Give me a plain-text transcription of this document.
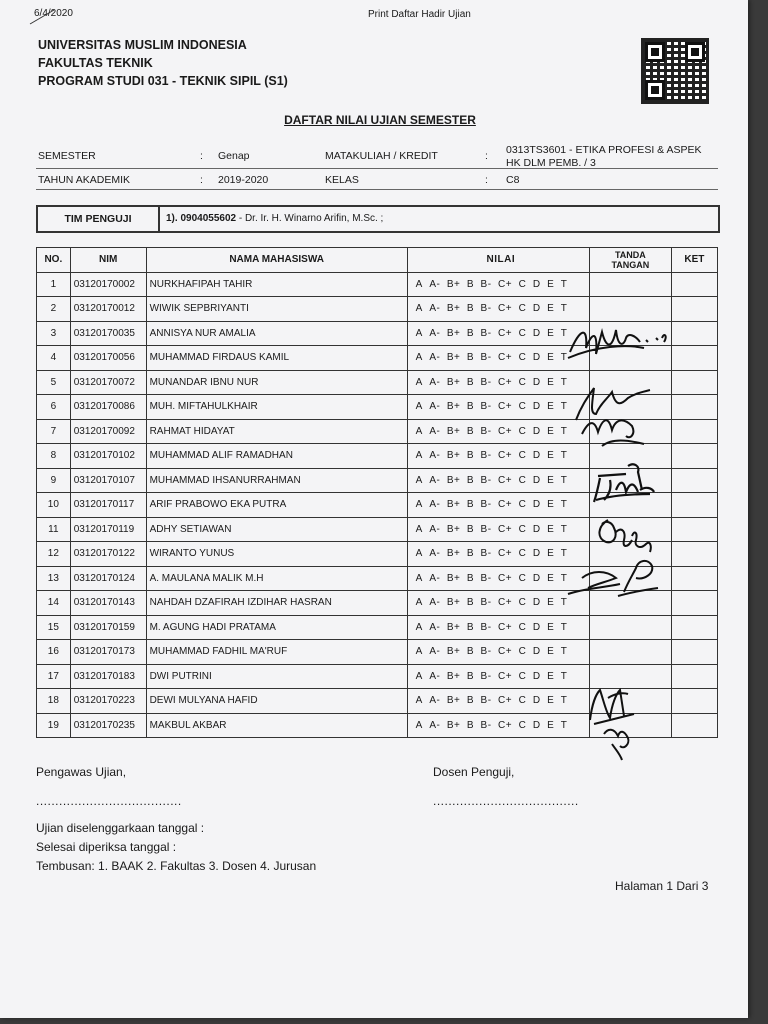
6/4/2020	Print Daftar Hadir Ujian
UNIVERSITAS MUSLIM INDONESIA
FAKULTAS TEKNIK
PROGRAM STUDI 031 - TEKNIK SIPIL (S1)
DAFTAR NILAI UJIAN SEMESTER
SEMESTER	: Genap	MATAKULIAH / KREDIT	: 0313TS3601 - ETIKA PROFESI & ASPEK
HK DLM PEMB. / 3
TAHUN AKADEMIK	: 2019-2020	KELAS	: C8
TIM PENGUJI	1). 0904055602 - Dr. Ir. H. Winarno Arifin, M.Sc. ;
NO.	NIM	NAMA MAHASISWA	NILAI	TANDA
TANGAN	KET
1	03120170002	NURKHAFIPAH TAHIR	A A- B+ B B- C+ C D E T		
2	03120170012	WIWIK SEPBRIYANTI	A A- B+ B B- C+ C D E T		
3	03120170035	ANNISYA NUR AMALIA	A A- B+ B B- C+ C D E T		
4	03120170056	MUHAMMAD FIRDAUS KAMIL	A A- B+ B B- C+ C D E T		
5	03120170072	MUNANDAR IBNU NUR	A A- B+ B B- C+ C D E T		
6	03120170086	MUH. MIFTAHULKHAIR	A A- B+ B B- C+ C D E T		
7	03120170092	RAHMAT HIDAYAT	A A- B+ B B- C+ C D E T		
8	03120170102	MUHAMMAD ALIF RAMADHAN	A A- B+ B B- C+ C D E T		
9	03120170107	MUHAMMAD IHSANURRAHMAN	A A- B+ B B- C+ C D E T		
10	03120170117	ARIF PRABOWO EKA PUTRA	A A- B+ B B- C+ C D E T		
11	03120170119	ADHY SETIAWAN	A A- B+ B B- C+ C D E T		
12	03120170122	WIRANTO YUNUS	A A- B+ B B- C+ C D E T		
13	03120170124	A. MAULANA MALIK M.H	A A- B+ B B- C+ C D E T		
14	03120170143	NAHDAH DZAFIRAH IZDIHAR HASRAN	A A- B+ B B- C+ C D E T		
15	03120170159	M. AGUNG HADI PRATAMA	A A- B+ B B- C+ C D E T		
16	03120170173	MUHAMMAD FADHIL MA'RUF	A A- B+ B B- C+ C D E T		
17	03120170183	DWI PUTRINI	A A- B+ B B- C+ C D E T		
18	03120170223	DEWI MULYANA HAFID	A A- B+ B B- C+ C D E T		
19	03120170235	MAKBUL AKBAR	A A- B+ B B- C+ C D E T		
Pengawas Ujian,	Dosen Penguji,
......................................	......................................
Ujian diselenggarkaan tanggal :
Selesai diperiksa tanggal :
Tembusan: 1. BAAK 2. Fakultas 3. Dosen 4. Jurusan
Halaman 1 Dari 3
